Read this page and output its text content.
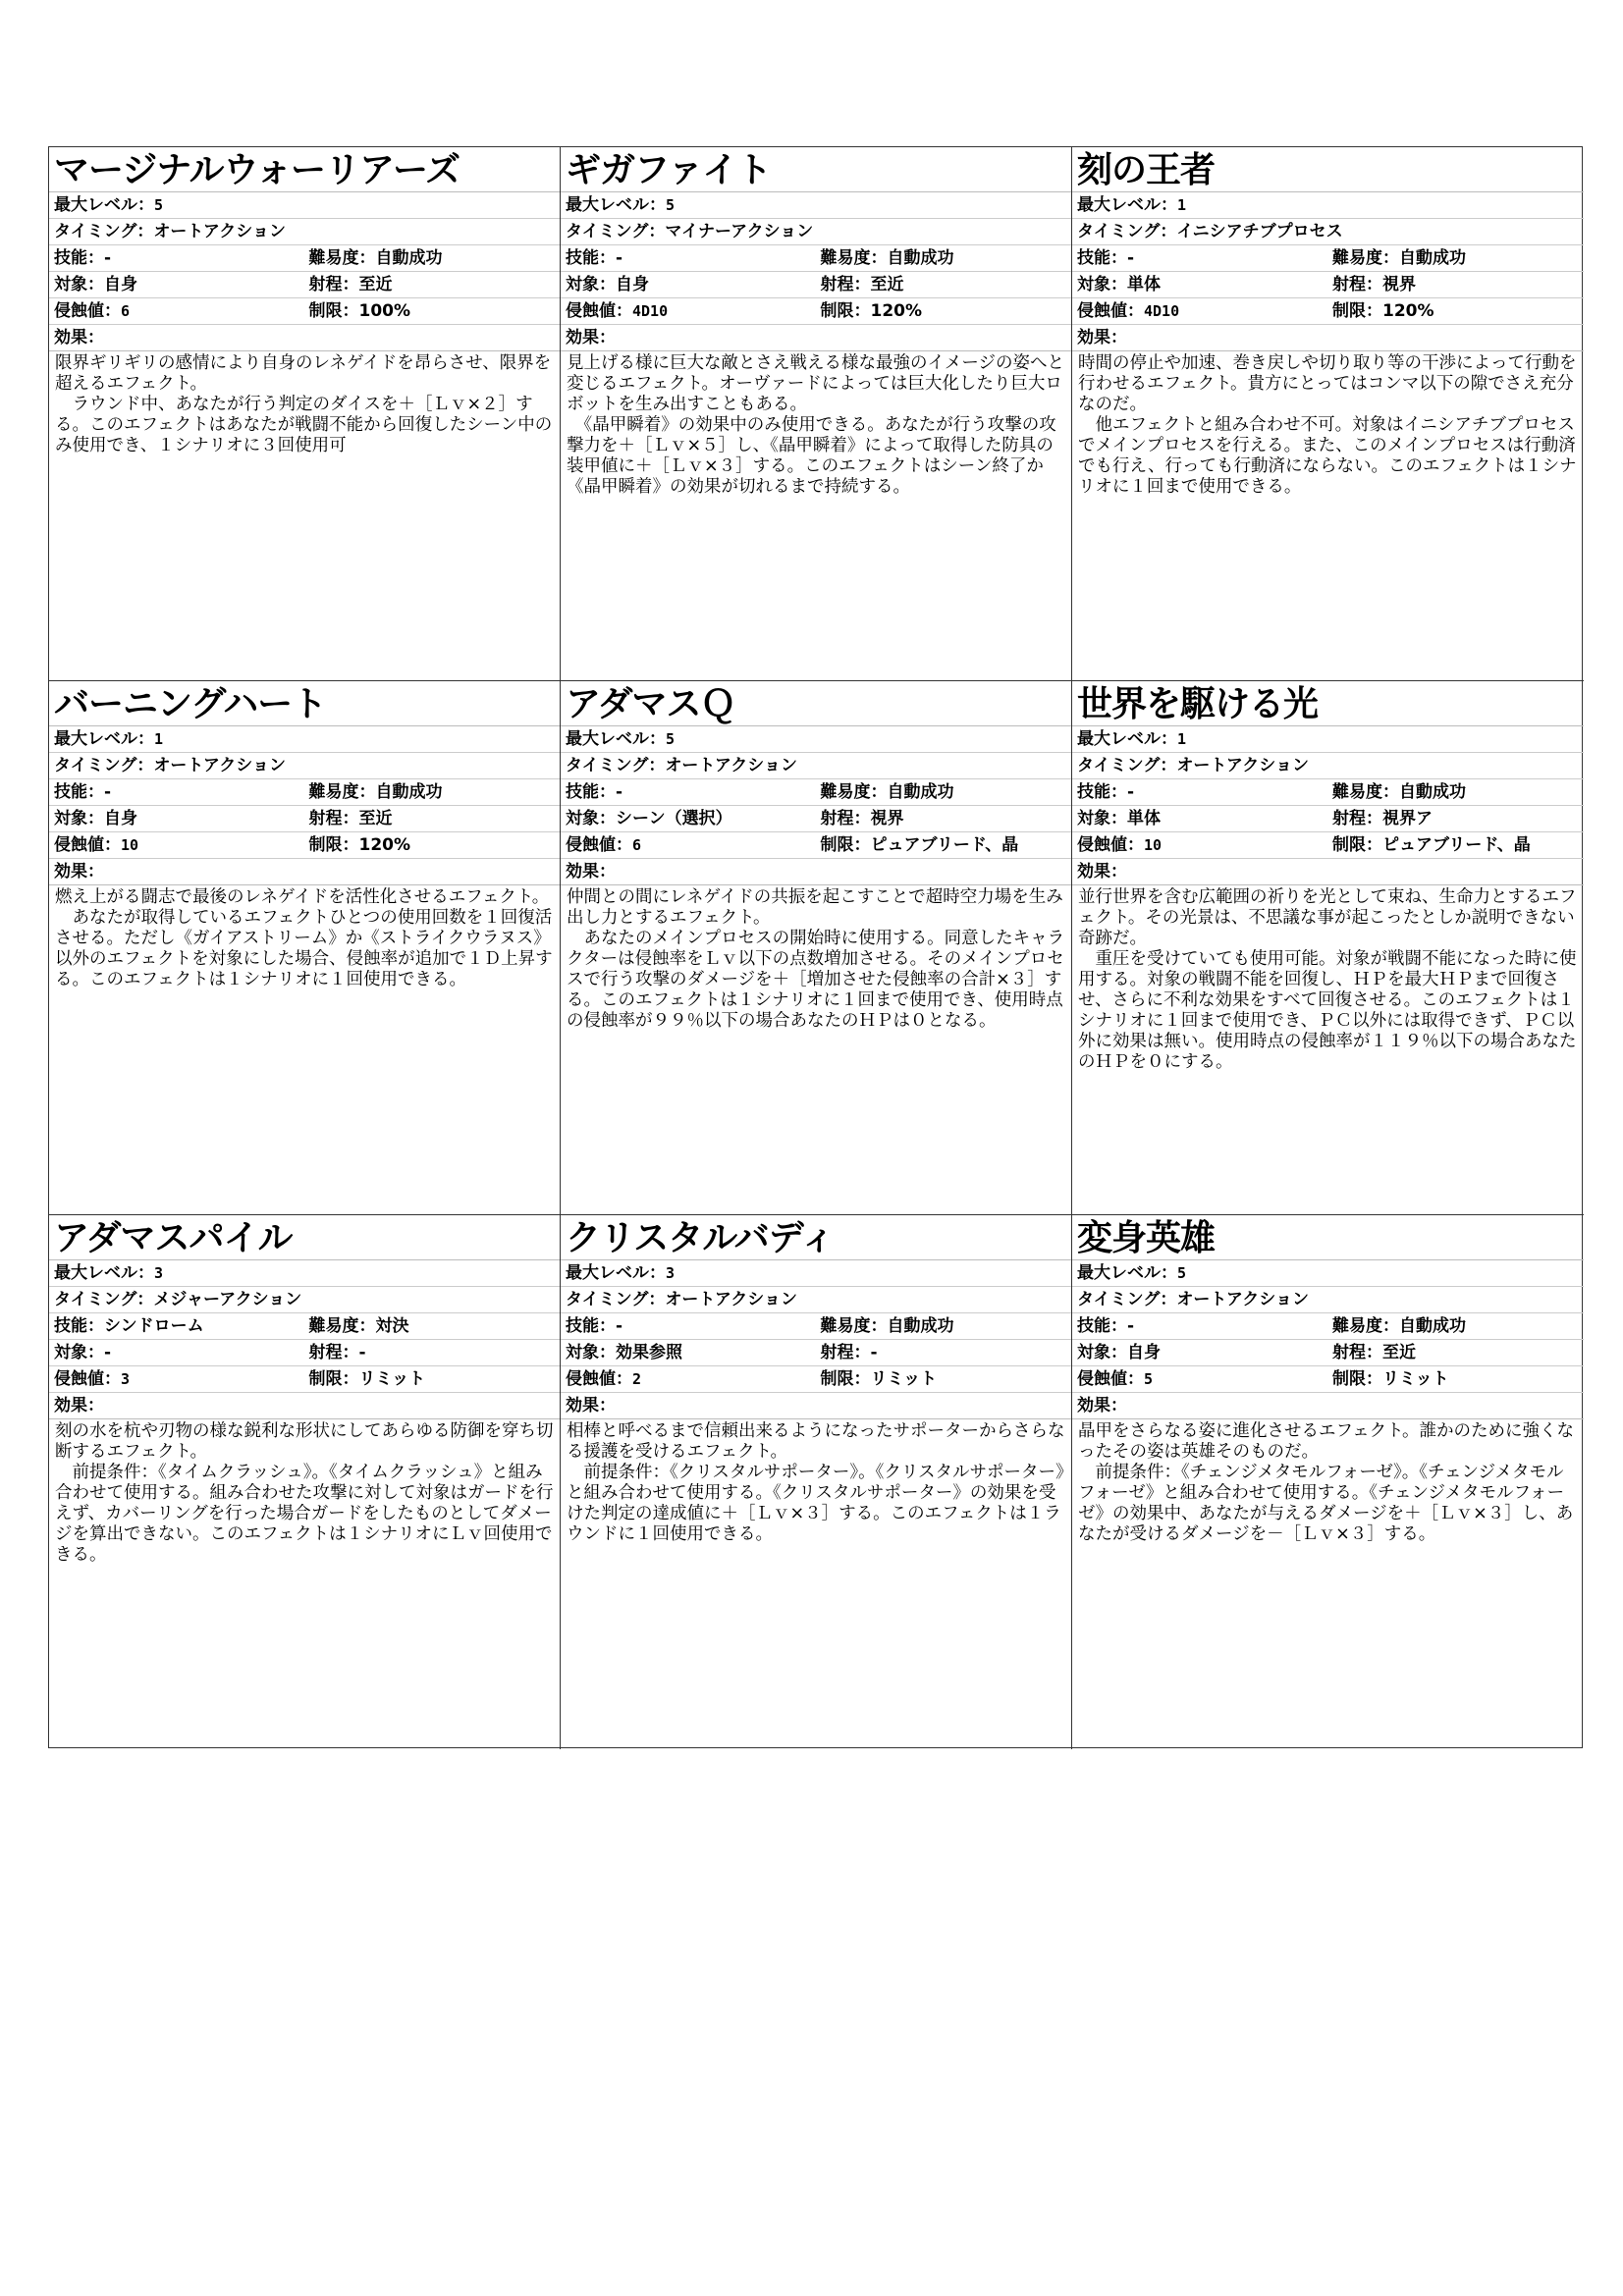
マージナルウォーリアーズ
最大レベル：5
タイミング：オートアクション
技能：-	難易度：自動成功
対象：自身	射程：至近
侵蝕値：6	制限：100%
効果：
限界ギリギリの感情により自身のレネゲイドを昂らさせ、限界を超えるエフェクト。
　ラウンド中、あなたが行う判定のダイスを＋［Ｌｖ×２］する。このエフェクトはあなたが戦闘不能から回復したシーン中のみ使用でき、１シナリオに３回使用可
ギガファイト
最大レベル：5
タイミング：マイナーアクション
技能：-	難易度：自動成功
対象：自身	射程：至近
侵蝕値：4D10	制限：120%
効果：
見上げる様に巨大な敵とさえ戦える様な最強のイメージの姿へと変じるエフェクト。オーヴァードによっては巨大化したり巨大ロボットを生み出すこともある。
　《晶甲瞬着》の効果中のみ使用できる。あなたが行う攻撃の攻撃力を＋［Ｌｖ×５］し、《晶甲瞬着》によって取得した防具の装甲値に＋［Ｌｖ×３］する。このエフェクトはシーン終了か《晶甲瞬着》の効果が切れるまで持続する。
刻の王者
最大レベル：1
タイミング：イニシアチブプロセス
技能：-	難易度：自動成功
対象：単体	射程：視界
侵蝕値：4D10	制限：120%
効果：
時間の停止や加速、巻き戻しや切り取り等の干渉によって行動を行わせるエフェクト。貴方にとってはコンマ以下の隙でさえ充分なのだ。
　他エフェクトと組み合わせ不可。対象はイニシアチブプロセスでメインプロセスを行える。また、このメインプロセスは行動済でも行え、行っても行動済にならない。このエフェクトは１シナリオに１回まで使用できる。
バーニングハート
最大レベル：1
タイミング：オートアクション
技能：-	難易度：自動成功
対象：自身	射程：至近
侵蝕値：10	制限：120%
効果：
燃え上がる闘志で最後のレネゲイドを活性化させるエフェクト。
　あなたが取得しているエフェクトひとつの使用回数を１回復活させる。ただし《ガイアストリーム》か《ストライクウラヌス》以外のエフェクトを対象にした場合、侵蝕率が追加で１Ｄ上昇する。このエフェクトは１シナリオに１回使用できる。
アダマスＱ
最大レベル：5
タイミング：オートアクション
技能：-	難易度：自動成功
対象：シーン（選択）	射程：視界
侵蝕値：6	制限：ピュアブリード、晶
効果：
仲間との間にレネゲイドの共振を起こすことで超時空力場を生み出し力とするエフェクト。
　あなたのメインプロセスの開始時に使用する。同意したキャラクターは侵蝕率をＬｖ以下の点数増加させる。そのメインプロセスで行う攻撃のダメージを＋［増加させた侵蝕率の合計×３］する。このエフェクトは１シナリオに１回まで使用でき、使用時点の侵蝕率が９９％以下の場合あなたのＨＰは０となる。
世界を駆ける光
最大レベル：1
タイミング：オートアクション
技能：-	難易度：自動成功
対象：単体	射程：視界ア
侵蝕値：10	制限：ピュアブリード、晶
効果：
並行世界を含む広範囲の祈りを光として束ね、生命力とするエフェクト。その光景は、不思議な事が起こったとしか説明できない奇跡だ。
　重圧を受けていても使用可能。対象が戦闘不能になった時に使用する。対象の戦闘不能を回復し、ＨＰを最大ＨＰまで回復させ、さらに不利な効果をすべて回復させる。このエフェクトは１シナリオに１回まで使用でき、ＰＣ以外には取得できず、ＰＣ以外に効果は無い。使用時点の侵蝕率が１１９％以下の場合あなたのＨＰを０にする。
アダマスパイル
最大レベル：3
タイミング：メジャーアクション
技能：シンドローム	難易度：対決
対象：-	射程：-
侵蝕値：3	制限：リミット
効果：
刻の水を杭や刃物の様な鋭利な形状にしてあらゆる防御を穿ち切断するエフェクト。
　前提条件：《タイムクラッシュ》。《タイムクラッシュ》と組み合わせて使用する。組み合わせた攻撃に対して対象はガードを行えず、カバーリングを行った場合ガードをしたものとしてダメージを算出できない。このエフェクトは１シナリオにＬｖ回使用できる。
クリスタルバディ
最大レベル：3
タイミング：オートアクション
技能：-	難易度：自動成功
対象：効果参照	射程：-
侵蝕値：2	制限：リミット
効果：
相棒と呼べるまで信頼出来るようになったサポーターからさらなる援護を受けるエフェクト。
　前提条件：《クリスタルサポーター》。《クリスタルサポーター》と組み合わせて使用する。《クリスタルサポーター》の効果を受けた判定の達成値に＋［Ｌｖ×３］する。このエフェクトは１ラウンドに１回使用できる。
変身英雄
最大レベル：5
タイミング：オートアクション
技能：-	難易度：自動成功
対象：自身	射程：至近
侵蝕値：5	制限：リミット
効果：
晶甲をさらなる姿に進化させるエフェクト。誰かのために強くなったその姿は英雄そのものだ。
　前提条件：《チェンジメタモルフォーゼ》。《チェンジメタモルフォーゼ》と組み合わせて使用する。《チェンジメタモルフォーゼ》の効果中、あなたが与えるダメージを＋［Ｌｖ×３］し、あなたが受けるダメージを－［Ｌｖ×３］する。
